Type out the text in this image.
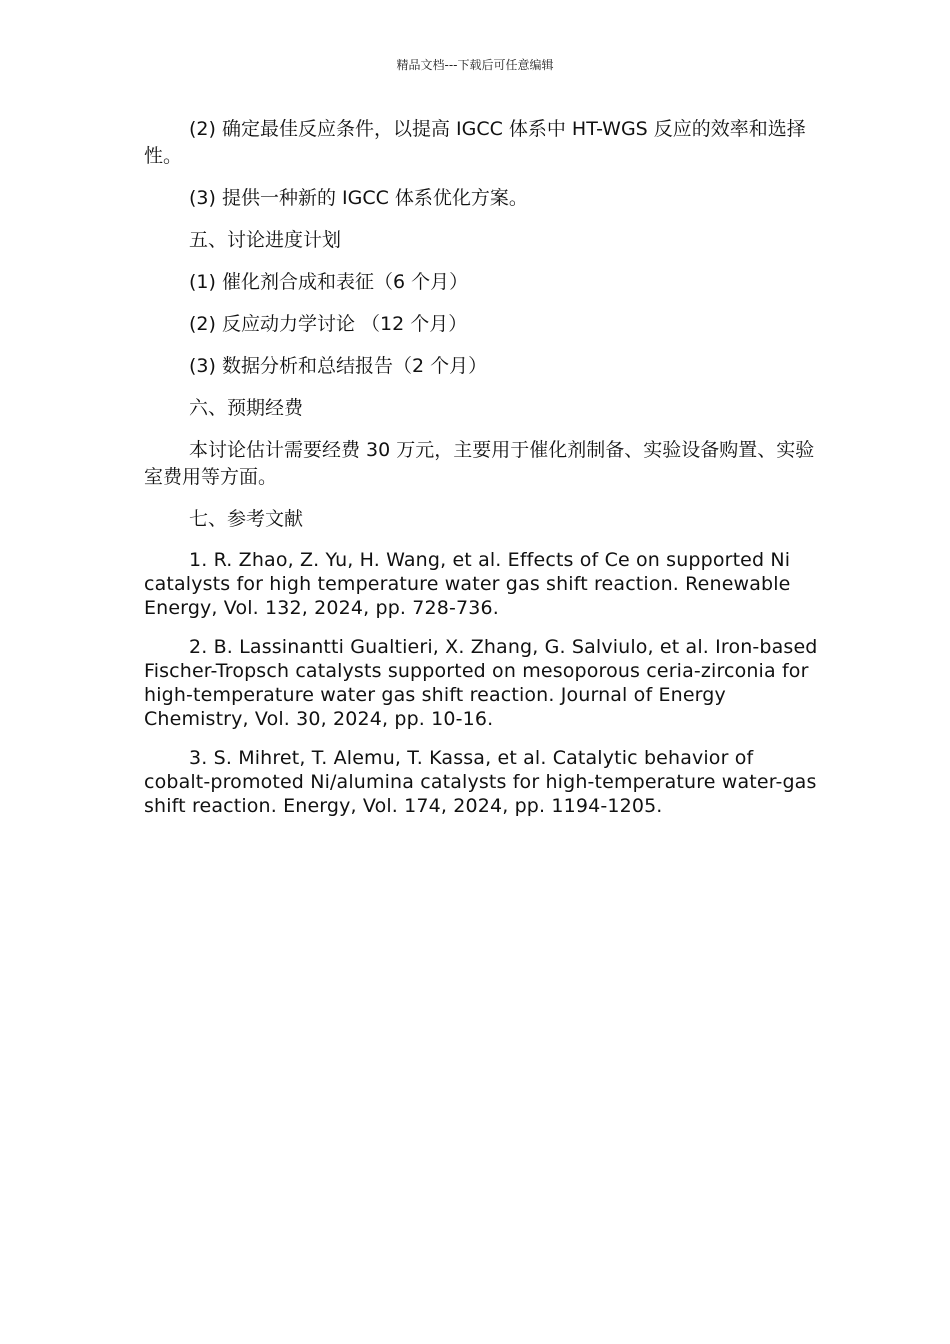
精品文档---下载后可任意编辑

(2) 确定最佳反应条件，以提高 IGCC 体系中 HT-WGS 反应的效率和选择性。

(3) 提供一种新的 IGCC 体系优化方案。

五、讨论进度计划

(1) 催化剂合成和表征（6 个月）

(2) 反应动力学讨论 （12 个月）

(3) 数据分析和总结报告（2 个月）

六、预期经费

本讨论估计需要经费 30 万元，主要用于催化剂制备、实验设备购置、实验室费用等方面。

七、参考文献

1. R. Zhao, Z. Yu, H. Wang, et al. Effects of Ce on supported Ni catalysts for high temperature water gas shift reaction. Renewable Energy, Vol. 132, 2024, pp. 728-736.

2. B. Lassinantti Gualtieri, X. Zhang, G. Salviulo, et al. Iron-based Fischer-Tropsch catalysts supported on mesoporous ceria-zirconia for high-temperature water gas shift reaction. Journal of Energy Chemistry, Vol. 30, 2024, pp. 10-16.

3. S. Mihret, T. Alemu, T. Kassa, et al. Catalytic behavior of cobalt-promoted Ni/alumina catalysts for high-temperature water-gas shift reaction. Energy, Vol. 174, 2024, pp. 1194-1205.
